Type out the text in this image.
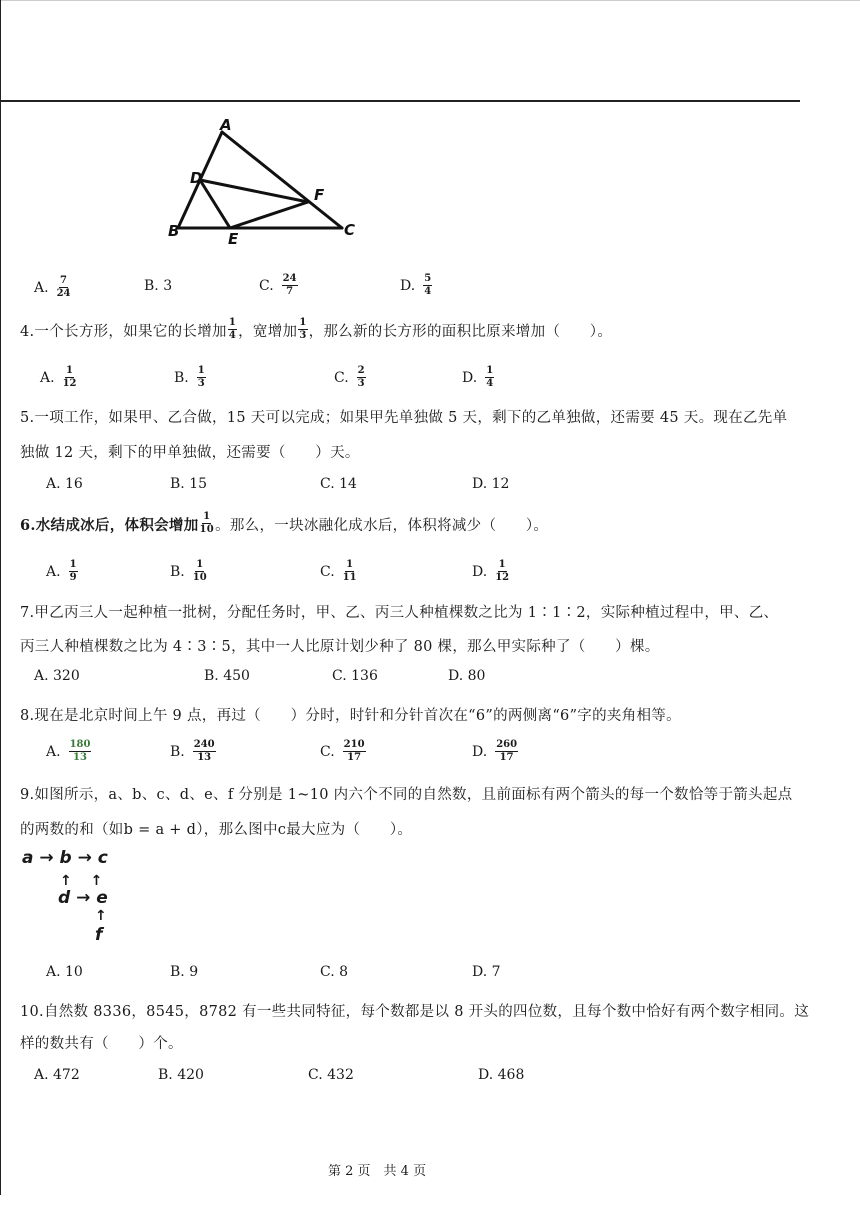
A
D
F
B	E	C
A. $\frac{7}{24}$	B.
3	C. $\frac{24}{7}$	D. $\frac{5}{4}$
4.一个长方形，如果它的长增加 $\frac{1}{4}$ ，宽增加 $\frac{1}{3}$ ，那么新的长方形的面积比原来增加（　　）。
A. $\frac{1}{12}$	B. $\frac{1}{3}$	C. $\frac{2}{3}$	D. $\frac{1}{4}$
5.一项工作，如果甲、乙合做，15 天可以完成；如果甲先单独做 5 天，剩下的乙单独做，还需要 45 天。现在乙先单
独做 12 天，剩下的甲单独做，还需要（　　）天。
A.
16	B.
15	C.
14	D.
12
6.水结成冰后，体积会增加 $\frac{1}{10}$ 。那么，一块冰融化成水后，体积将减少（　　）。
A. $\frac{1}{9}$	B. $\frac{1}{10}$	C. $\frac{1}{11}$	D. $\frac{1}{12}$
7.甲乙丙三人一起种植一批树，分配任务时，甲、乙、丙三人种植棵数之比为 1∶1∶2，实际种植过程中，甲、乙、
丙三人种植棵数之比为 4∶3∶5，其中一人比原计划少种了 80 棵，那么甲实际种了（　　）棵。
A.
320	B.
450	C.
136	D.
80
8.现在是北京时间上午 9 点，再过（　　）分时，时针和分针首次在“6”的两侧离“6”字的夹角相等。
A. $\frac{180}{13}$	B. $\frac{240}{13}$	C. $\frac{210}{17}$	D. $\frac{260}{17}$
9.如图所示，a、b、c、d、e、f 分别是 1~10 内六个不同的自然数，且前面标有两个箭头的每一个数恰等于箭头起点
的两数的和（如b = a + d），那么图中c最大应为（　　）。
a → b → c
↑　 ↑
d → e
↑
f
A.
10	B.
9	C.
8	D.
7
10.自然数 8336，8545，8782 有一些共同特征，每个数都是以 8 开头的四位数，且每个数中恰好有两个数字相同。这
样的数共有（　　）个。
A.
472	B.
420	C.
432	D.
468
第 2 页　共 4 页
